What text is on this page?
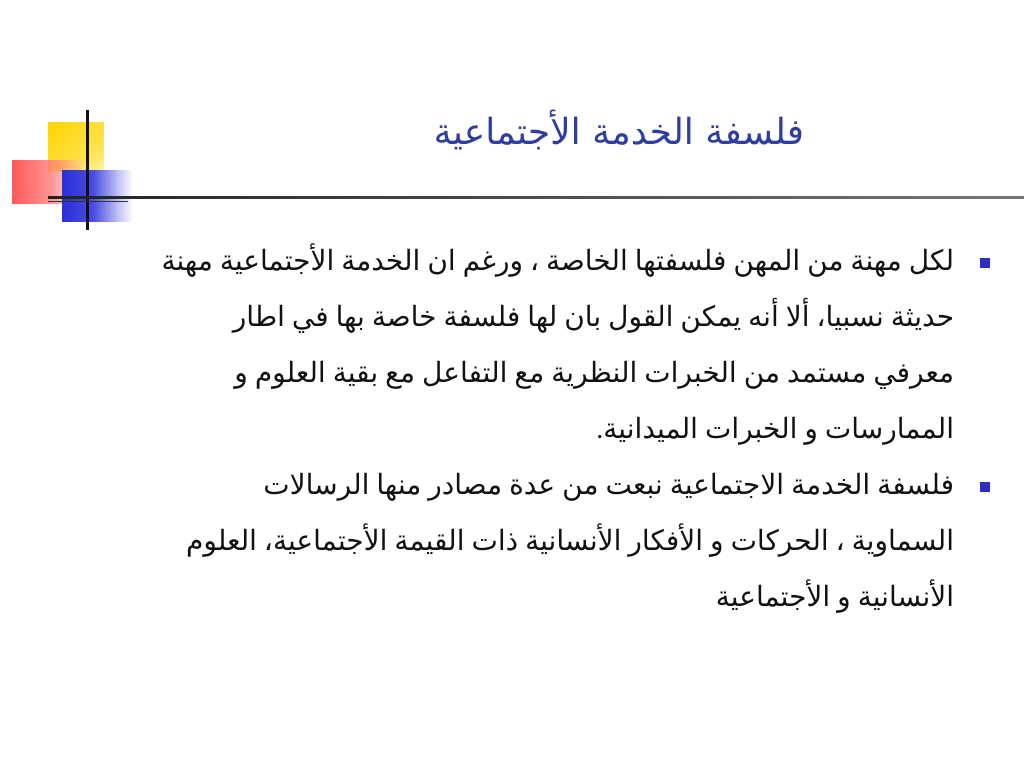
فلسفة الخدمة الأجتماعية
لكل مهنة من المهن فلسفتها الخاصة ، ورغم ان الخدمة الأجتماعية مهنة حديثة نسبيا، ألا أنه يمكن القول بان لها فلسفة خاصة بها في اطار معرفي مستمد من الخبرات النظرية مع التفاعل مع بقية العلوم و الممارسات و الخبرات الميدانية.
فلسفة الخدمة الاجتماعية نبعت من عدة مصادر منها الرسالات السماوية ، الحركات و الأفكار الأنسانية ذات القيمة الأجتماعية، العلوم الأنسانية و الأجتماعية
